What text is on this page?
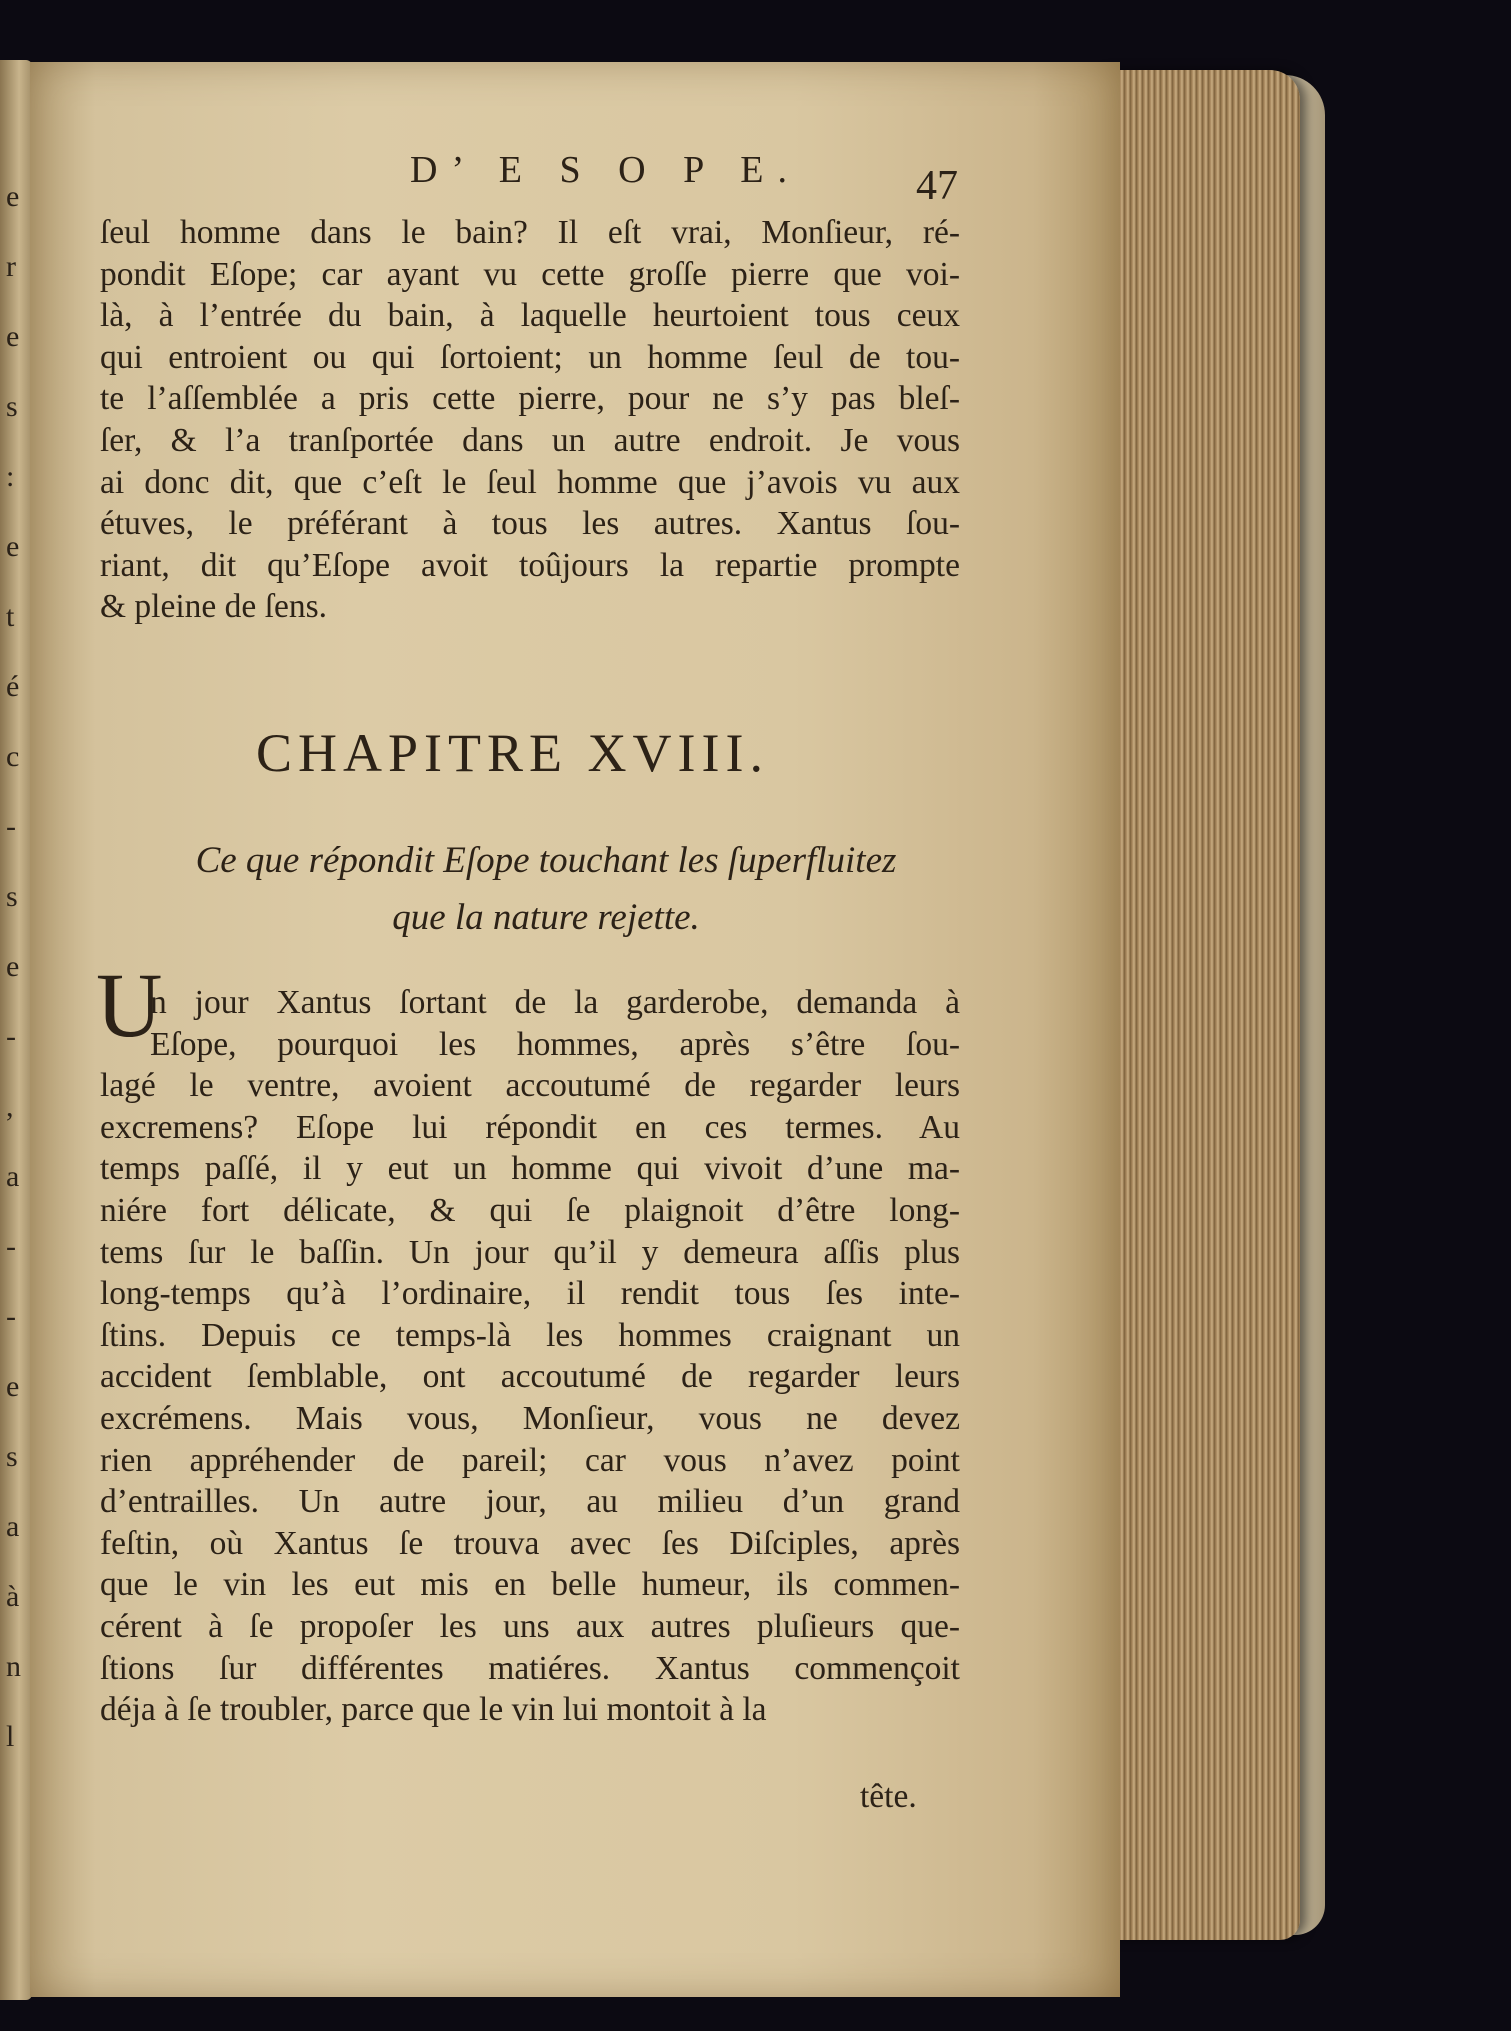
e
r
e
s
:
e
t
é
c
-
s
e
-
,
a
-
-
e
s
a
à
n
l
D’ E S O P E.	47
ſeul homme dans le bain? Il eſt vrai, Monſieur, ré-
pondit Eſope; car ayant vu cette groſſe pierre que voi-
là, à l’entrée du bain, à laquelle heurtoient tous ceux
qui entroient ou qui ſortoient; un homme ſeul de tou-
te l’aſſemblée a pris cette pierre, pour ne s’y pas bleſ-
ſer, & l’a tranſportée dans un autre endroit. Je vous
ai donc dit, que c’eſt le ſeul homme que j’avois vu aux
étuves, le préférant à tous les autres. Xantus ſou-
riant, dit qu’Eſope avoit toûjours la repartie prompte
& pleine de ſens.
CHAPITRE XVIII.
Ce que répondit Eſope touchant les ſuperfluitez
que la nature rejette.
U
n jour Xantus ſortant de la garderobe, demanda à
Eſope, pourquoi les hommes, après s’être ſou-
lagé le ventre, avoient accoutumé de regarder leurs
excremens? Eſope lui répondit en ces termes. Au
temps paſſé, il y eut un homme qui vivoit d’une ma-
niére fort délicate, & qui ſe plaignoit d’être long-
tems ſur le baſſin. Un jour qu’il y demeura aſſis plus
long-temps qu’à l’ordinaire, il rendit tous ſes inte-
ſtins. Depuis ce temps-là les hommes craignant un
accident ſemblable, ont accoutumé de regarder leurs
excrémens. Mais vous, Monſieur, vous ne devez
rien appréhender de pareil; car vous n’avez point
d’entrailles. Un autre jour, au milieu d’un grand
feſtin, où Xantus ſe trouva avec ſes Diſciples, après
que le vin les eut mis en belle humeur, ils commen-
cérent à ſe propoſer les uns aux autres pluſieurs que-
ſtions ſur différentes matiéres. Xantus commençoit
déja à ſe troubler, parce que le vin lui montoit à la
tête.
